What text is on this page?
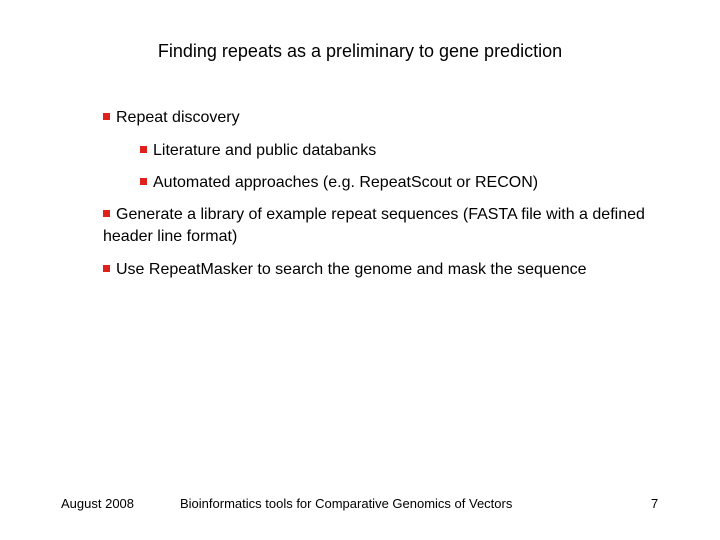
Finding repeats as a preliminary to gene prediction
Repeat discovery
Literature and public databanks
Automated approaches (e.g. RepeatScout or RECON)
Generate a library of example repeat sequences (FASTA file with a defined header line format)
Use RepeatMasker to search the genome and mask the sequence
August 2008	Bioinformatics tools for Comparative Genomics of Vectors	7
